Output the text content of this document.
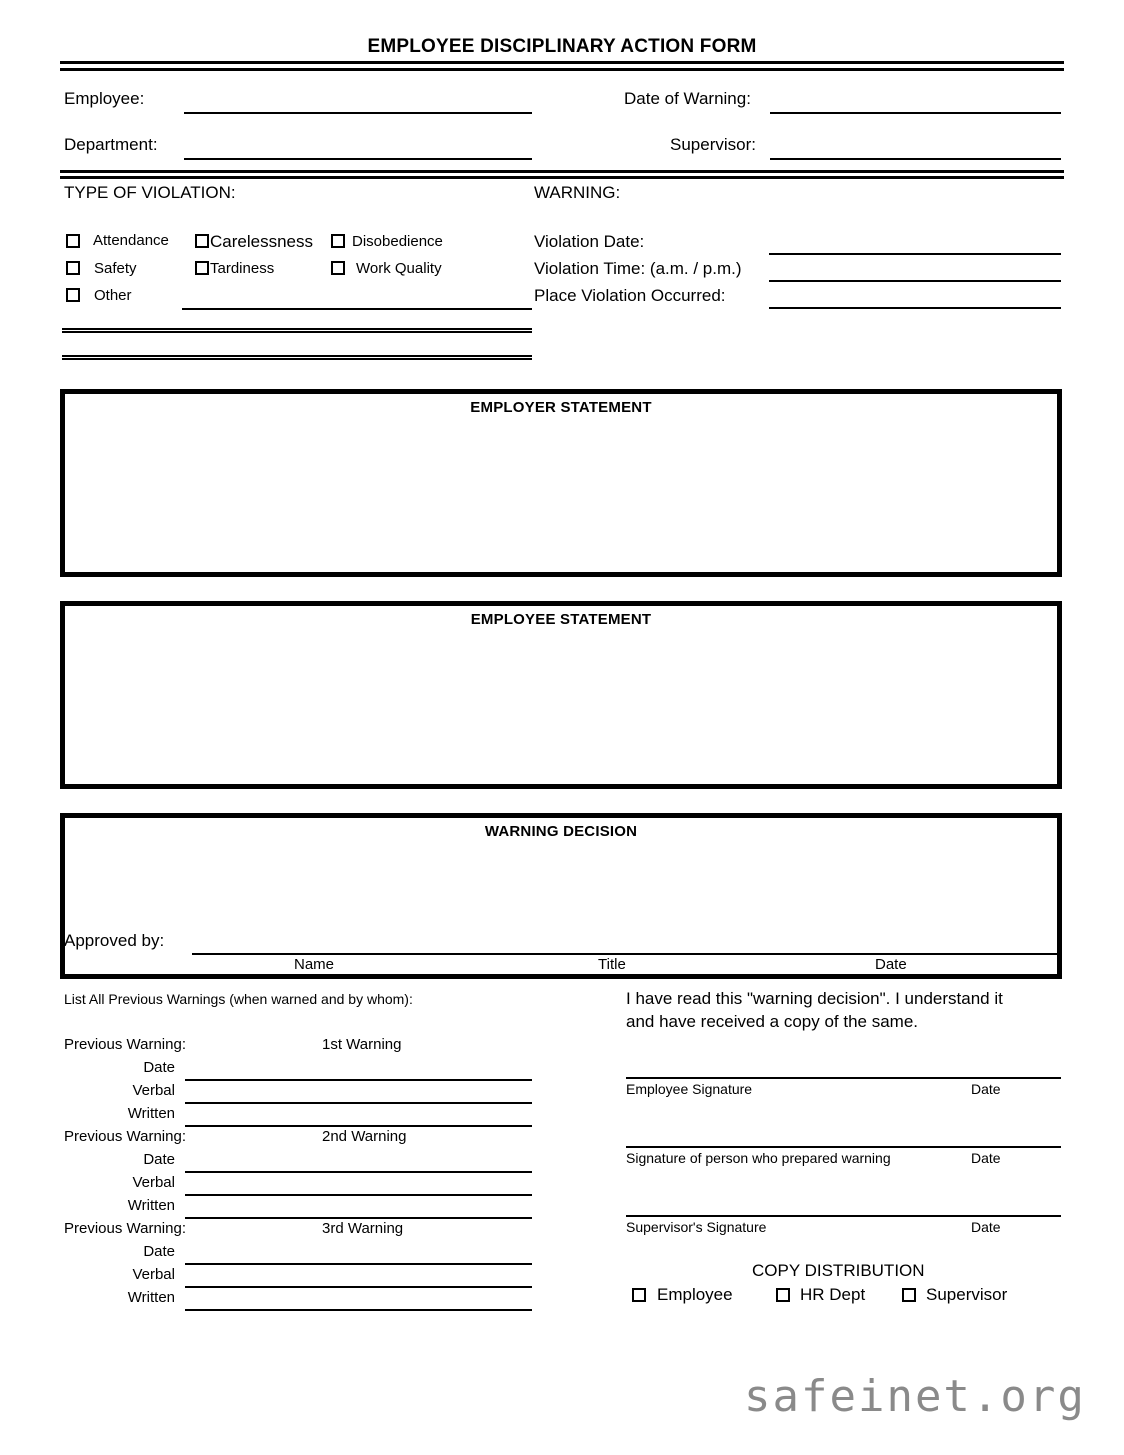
EMPLOYEE DISCIPLINARY ACTION FORM
Employee:	Date of Warning:
Department:	Supervisor:
TYPE OF VIOLATION:
Attendance Carelessness	Disobedience
Safety	Tardiness	Work Quality
Other
WARNING:
Violation Date:
Violation Time: (a.m. / p.m.)
Place Violation Occurred:
EMPLOYER STATEMENT
EMPLOYEE STATEMENT
WARNING DECISION
Approved by:
Name	Title	Date
List All Previous Warnings (when warned and by whom):
Previous Warning:	1st Warning
Date
Verbal
Written
Previous Warning:	2nd Warning
Date
Verbal
Written
Previous Warning:	3rd Warning
Date
Verbal
Written
I have read this "warning decision". I understand it
and have received a copy of the same.
Employee Signature	Date
Signature of person who prepared warning	Date
Supervisor's Signature	Date
COPY DISTRIBUTION
Employee	HR Dept	Supervisor
safeinet.org
